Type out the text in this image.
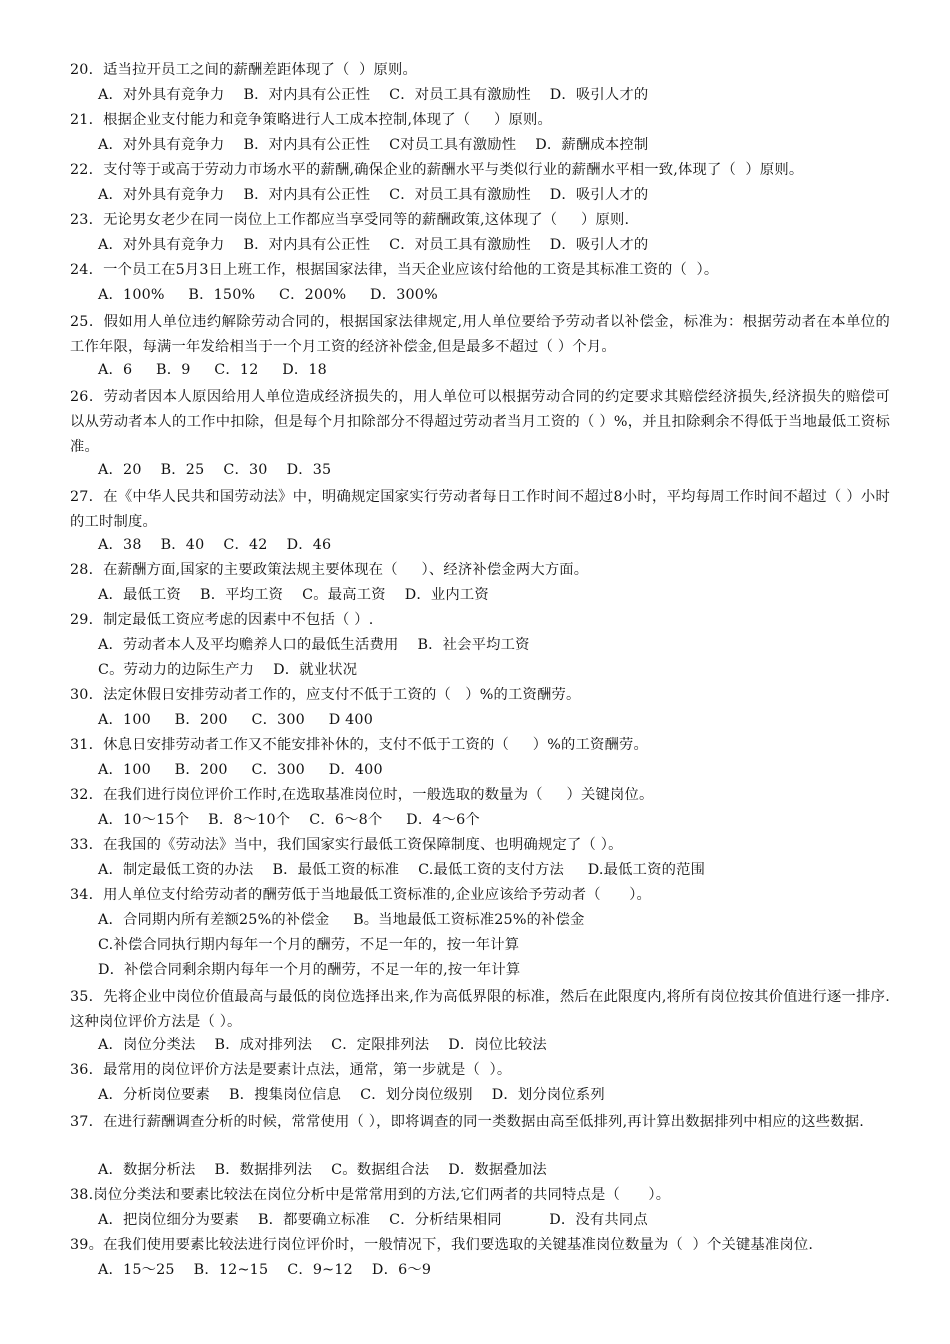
20．适当拉开员工之间的薪酬差距体现了（  ）原则。
A．对外具有竞争力    B．对内具有公正性    C．对员工具有激励性    D．吸引人才的
21．根据企业支付能力和竞争策略进行人工成本控制,体现了（     ）原则。
A．对外具有竞争力    B．对内具有公正性    C对员工具有激励性    D．薪酬成本控制
22．支付等于或高于劳动力市场水平的薪酬,确保企业的薪酬水平与类似行业的薪酬水平相一致,体现了（  ）原则。
A．对外具有竞争力    B．对内具有公正性    C．对员工具有激励性    D．吸引人才的
23．无论男女老少在同一岗位上工作都应当享受同等的薪酬政策,这体现了（     ）原则.
A．对外具有竞争力    B．对内具有公正性    C．对员工具有激励性    D．吸引人才的
24．一个员工在5月3日上班工作，根据国家法律，当天企业应该付给他的工资是其标准工资的（  ）。
A．100%     B．150%     C．200%     D．300%
25．假如用人单位违约解除劳动合同的，根据国家法律规定,用人单位要给予劳动者以补偿金，标准为：根据劳动者在本单位的工作年限，每满一年发给相当于一个月工资的经济补偿金,但是最多不超过（ ）个月。
A．6     B．9     C．12     D．18
26．劳动者因本人原因给用人单位造成经济损失的，用人单位可以根据劳动合同的约定要求其赔偿经济损失,经济损失的赔偿可以从劳动者本人的工作中扣除，但是每个月扣除部分不得超过劳动者当月工资的（ ）%，并且扣除剩余不得低于当地最低工资标准。
A．20    B．25    C．30    D．35
27．在《中华人民共和国劳动法》中，明确规定国家实行劳动者每日工作时间不超过8小时，平均每周工作时间不超过（ ）小时的工时制度。
A．38    B．40    C．42    D．46
28．在薪酬方面,国家的主要政策法规主要体现在（     ）、经济补偿金两大方面。
A．最低工资    B．平均工资    C。最高工资    D．业内工资
29．制定最低工资应考虑的因素中不包括（ ）.
A．劳动者本人及平均赡养人口的最低生活费用    B．社会平均工资
C。劳动力的边际生产力    D．就业状况
30．法定休假日安排劳动者工作的，应支付不低于工资的（   ）%的工资酬劳。
A．100     B．200     C．300     D 400
31．休息日安排劳动者工作又不能安排补休的，支付不低于工资的（     ）%的工资酬劳。
A．100     B．200     C．300     D．400
32．在我们进行岗位评价工作时,在选取基准岗位时，一般选取的数量为（     ）关键岗位。
A．10～15个    B．8～10个    C．6～8个     D．4～6个
33．在我国的《劳动法》当中，我们国家实行最低工资保障制度、也明确规定了（ ）。
A．制定最低工资的办法    B．最低工资的标准    C.最低工资的支付方法     D.最低工资的范围
34．用人单位支付给劳动者的酬劳低于当地最低工资标准的,企业应该给予劳动者（      ）。
A．合同期内所有差额25%的补偿金     B。当地最低工资标准25%的补偿金
C.补偿合同执行期内每年一个月的酬劳，不足一年的，按一年计算
D．补偿合同剩余期内每年一个月的酬劳，不足一年的,按一年计算
35．先将企业中岗位价值最高与最低的岗位选择出来,作为高低界限的标准，然后在此限度内,将所有岗位按其价值进行逐一排序.这种岗位评价方法是（ ）。
A．岗位分类法    B．成对排列法    C．定限排列法    D．岗位比较法
36．最常用的岗位评价方法是要素计点法，通常，第一步就是（  ）。
A．分析岗位要素    B．搜集岗位信息    C．划分岗位级别    D．划分岗位系列
37．在进行薪酬调查分析的时候，常常使用（ ），即将调查的同一类数据由高至低排列,再计算出数据排列中相应的这些数据.
A．数据分析法    B．数据排列法    C。数据组合法    D．数据叠加法
38.岗位分类法和要素比较法在岗位分析中是常常用到的方法,它们两者的共同特点是（      ）。
A．把岗位细分为要素    B．都要确立标准    C．分析结果相同          D．没有共同点
39。在我们使用要素比较法进行岗位评价时，一般情况下，我们要选取的关键基准岗位数量为（  ）个关键基准岗位.
A．15～25    B．12~15    C．9~12    D．6～9
